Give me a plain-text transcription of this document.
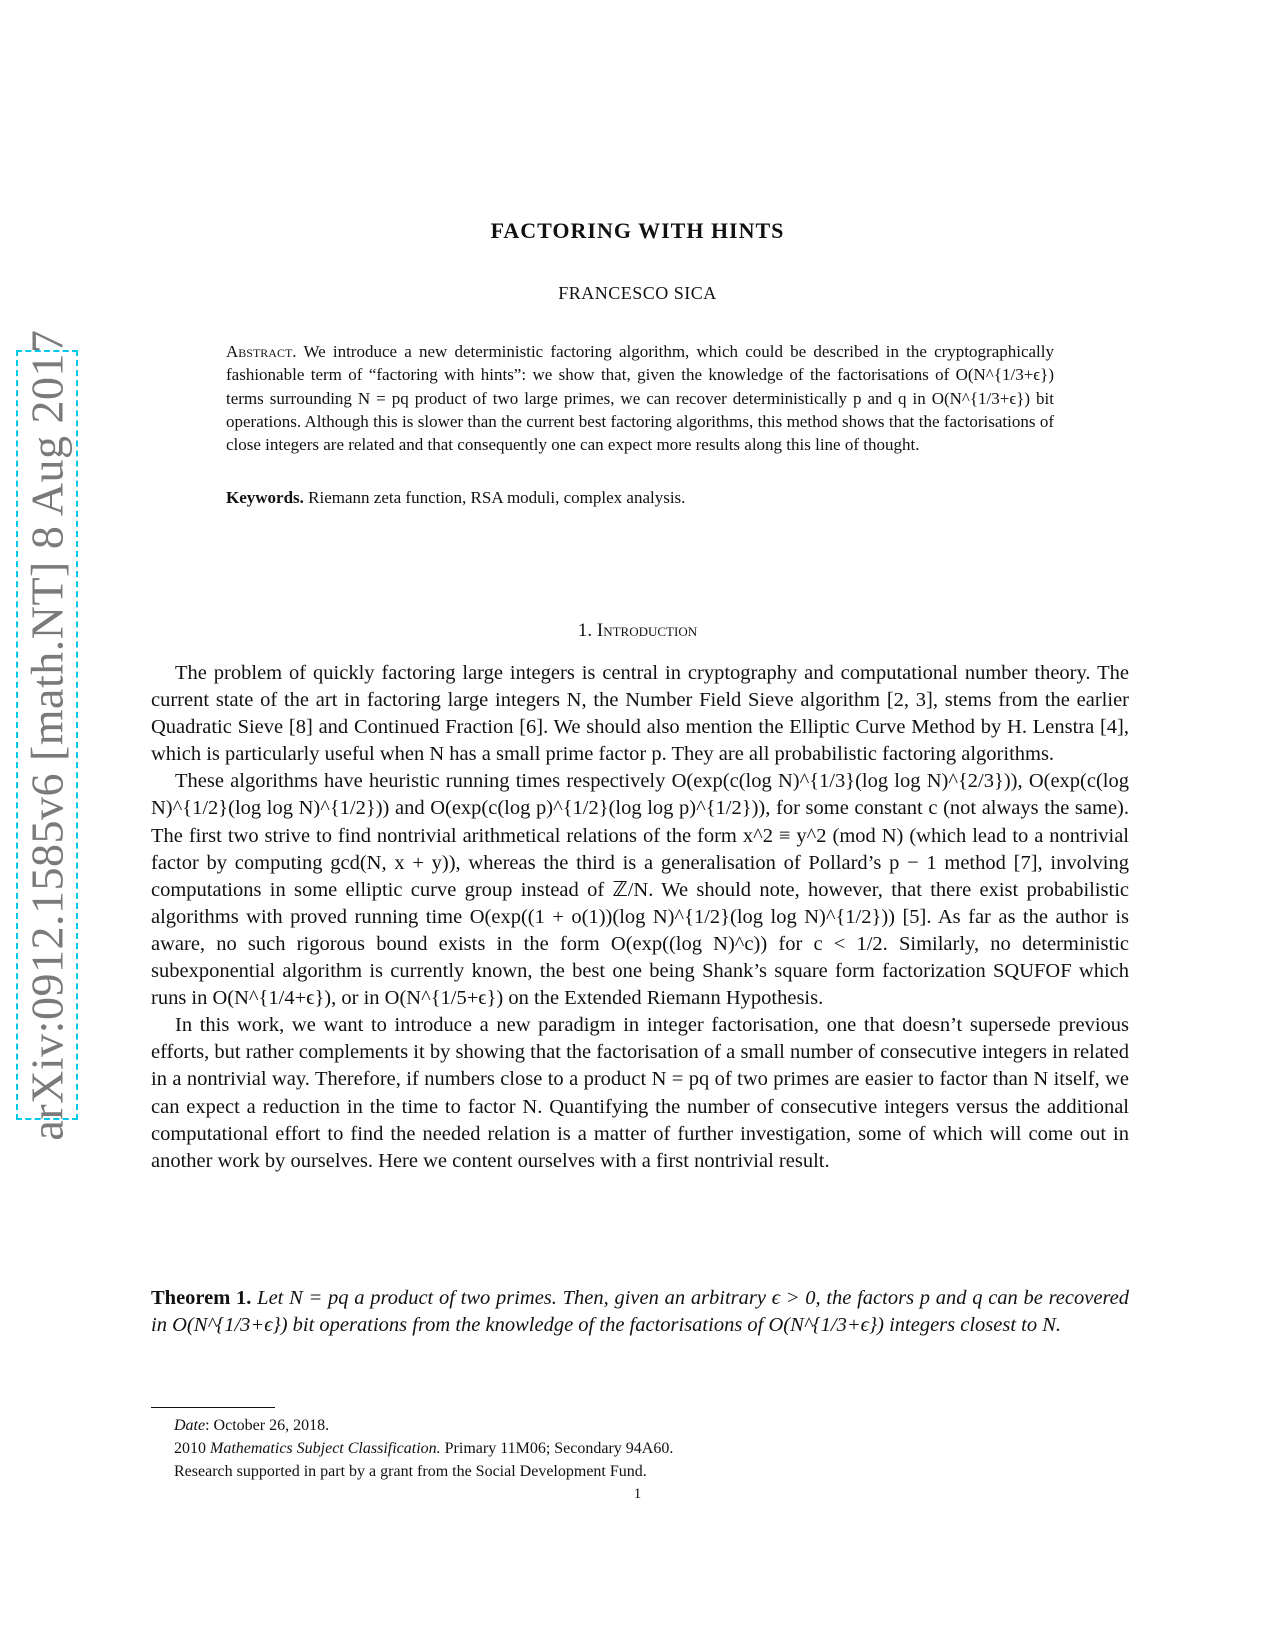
arXiv:0912.1585v6 [math.NT] 8 Aug 2017
FACTORING WITH HINTS
FRANCESCO SICA
Abstract. We introduce a new deterministic factoring algorithm, which could be described in the cryptographically fashionable term of “factoring with hints”: we show that, given the knowledge of the factorisations of O(N^{1/3+ϵ}) terms surrounding N = pq product of two large primes, we can recover deterministically p and q in O(N^{1/3+ϵ}) bit operations. Although this is slower than the current best factoring algorithms, this method shows that the factorisations of close integers are related and that consequently one can expect more results along this line of thought.
Keywords. Riemann zeta function, RSA moduli, complex analysis.
1. Introduction

The problem of quickly factoring large integers is central in cryptography and computational number theory. The current state of the art in factoring large integers N, the Number Field Sieve algorithm [2, 3], stems from the earlier Quadratic Sieve [8] and Continued Fraction [6]. We should also mention the Elliptic Curve Method by H. Lenstra [4], which is particularly useful when N has a small prime factor p. They are all probabilistic factoring algorithms.

These algorithms have heuristic running times respectively O(exp(c(log N)^{1/3}(log log N)^{2/3})), O(exp(c(log N)^{1/2}(log log N)^{1/2})) and O(exp(c(log p)^{1/2}(log log p)^{1/2})), for some constant c (not always the same). The first two strive to find nontrivial arithmetical relations of the form x^2 ≡ y^2 (mod N) (which lead to a nontrivial factor by computing gcd(N, x + y)), whereas the third is a generalisation of Pollard’s p − 1 method [7], involving computations in some elliptic curve group instead of ℤ/N. We should note, however, that there exist probabilistic algorithms with proved running time O(exp((1 + o(1))(log N)^{1/2}(log log N)^{1/2})) [5]. As far as the author is aware, no such rigorous bound exists in the form O(exp((log N)^c)) for c < 1/2. Similarly, no deterministic subexponential algorithm is currently known, the best one being Shank’s square form factorization SQUFOF which runs in O(N^{1/4+ϵ}), or in O(N^{1/5+ϵ}) on the Extended Riemann Hypothesis.

In this work, we want to introduce a new paradigm in integer factorisation, one that doesn’t supersede previous efforts, but rather complements it by showing that the factorisation of a small number of consecutive integers in related in a nontrivial way. Therefore, if numbers close to a product N = pq of two primes are easier to factor than N itself, we can expect a reduction in the time to factor N. Quantifying the number of consecutive integers versus the additional computational effort to find the needed relation is a matter of further investigation, some of which will come out in another work by ourselves. Here we content ourselves with a first nontrivial result.

Theorem 1. Let N = pq a product of two primes. Then, given an arbitrary ϵ > 0, the factors p and q can be recovered in O(N^{1/3+ϵ}) bit operations from the knowledge of the factorisations of O(N^{1/3+ϵ}) integers closest to N.
Date: October 26, 2018.
2010 Mathematics Subject Classification. Primary 11M06; Secondary 94A60.
Research supported in part by a grant from the Social Development Fund.
1
